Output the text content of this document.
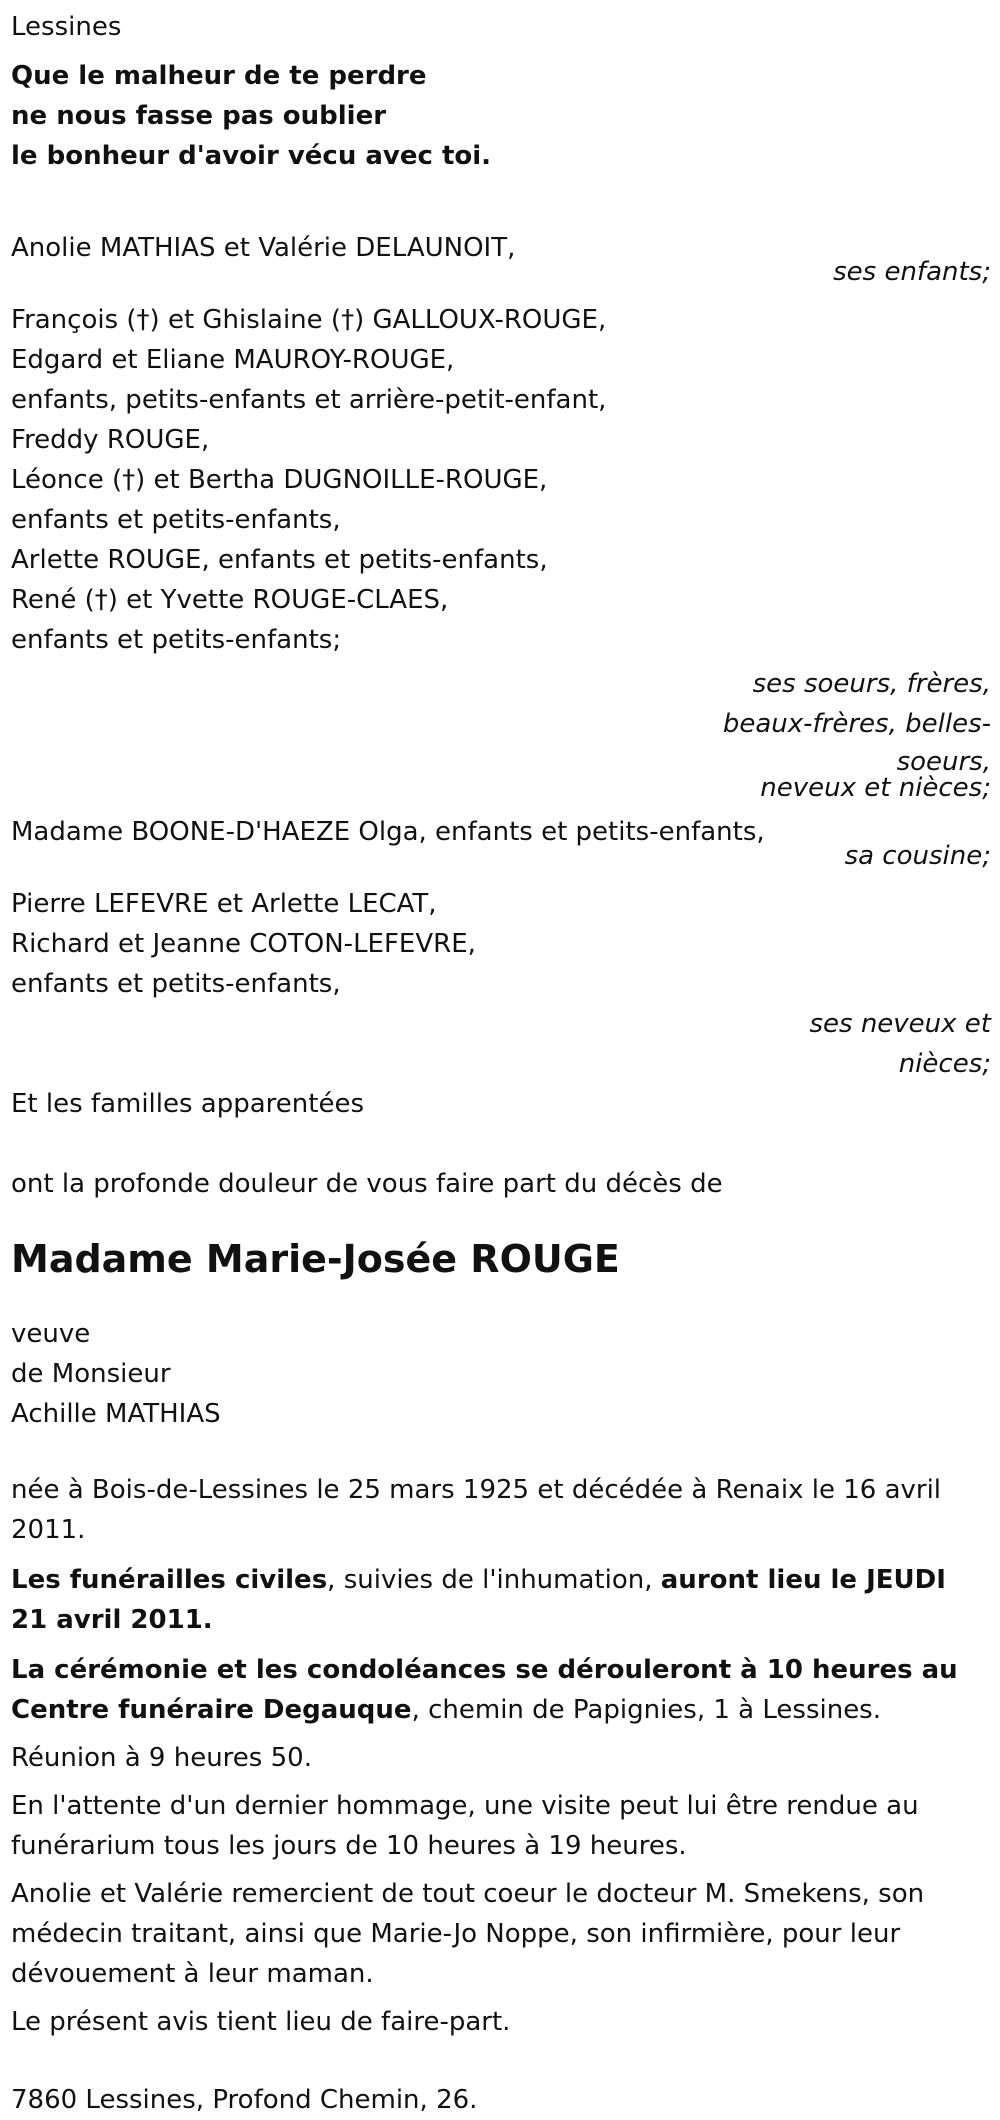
Lessines

Que le malheur de te perdre

ne nous fasse pas oublier

le bonheur d'avoir vécu avec toi.

Anolie MATHIAS et Valérie DELAUNOIT,

ses enfants;

François (†) et Ghislaine (†) GALLOUX-ROUGE,

Edgard et Eliane MAUROY-ROUGE,

enfants, petits-enfants et arrière-petit-enfant,

Freddy ROUGE,

Léonce (†) et Bertha DUGNOILLE-ROUGE,

enfants et petits-enfants,

Arlette ROUGE, enfants et petits-enfants,

René (†) et Yvette ROUGE-CLAES,

enfants et petits-enfants;

ses soeurs, frères,

beaux-frères, belles-

soeurs,

neveux et nièces;

Madame BOONE-D'HAEZE Olga, enfants et petits-enfants,

sa cousine;

Pierre LEFEVRE et Arlette LECAT,

Richard et Jeanne COTON-LEFEVRE,

enfants et petits-enfants,

ses neveux et

nièces;

Et les familles apparentées

ont la profonde douleur de vous faire part du décès de

Madame Marie-Josée ROUGE

veuve

de Monsieur

Achille MATHIAS

née à Bois-de-Lessines le 25 mars 1925 et décédée à Renaix le 16 avril 2011.

Les funérailles civiles, suivies de l'inhumation, auront lieu le JEUDI 21 avril 2011.

La cérémonie et les condoléances se dérouleront à 10 heures au Centre funéraire Degauque, chemin de Papignies, 1 à Lessines.

Réunion à 9 heures 50.

En l'attente d'un dernier hommage, une visite peut lui être rendue au funérarium tous les jours de 10 heures à 19 heures.

Anolie et Valérie remercient de tout coeur le docteur M. Smekens, son médecin traitant, ainsi que Marie-Jo Noppe, son infirmière, pour leur dévouement à leur maman.

Le présent avis tient lieu de faire-part.

7860 Lessines, Profond Chemin, 26.
